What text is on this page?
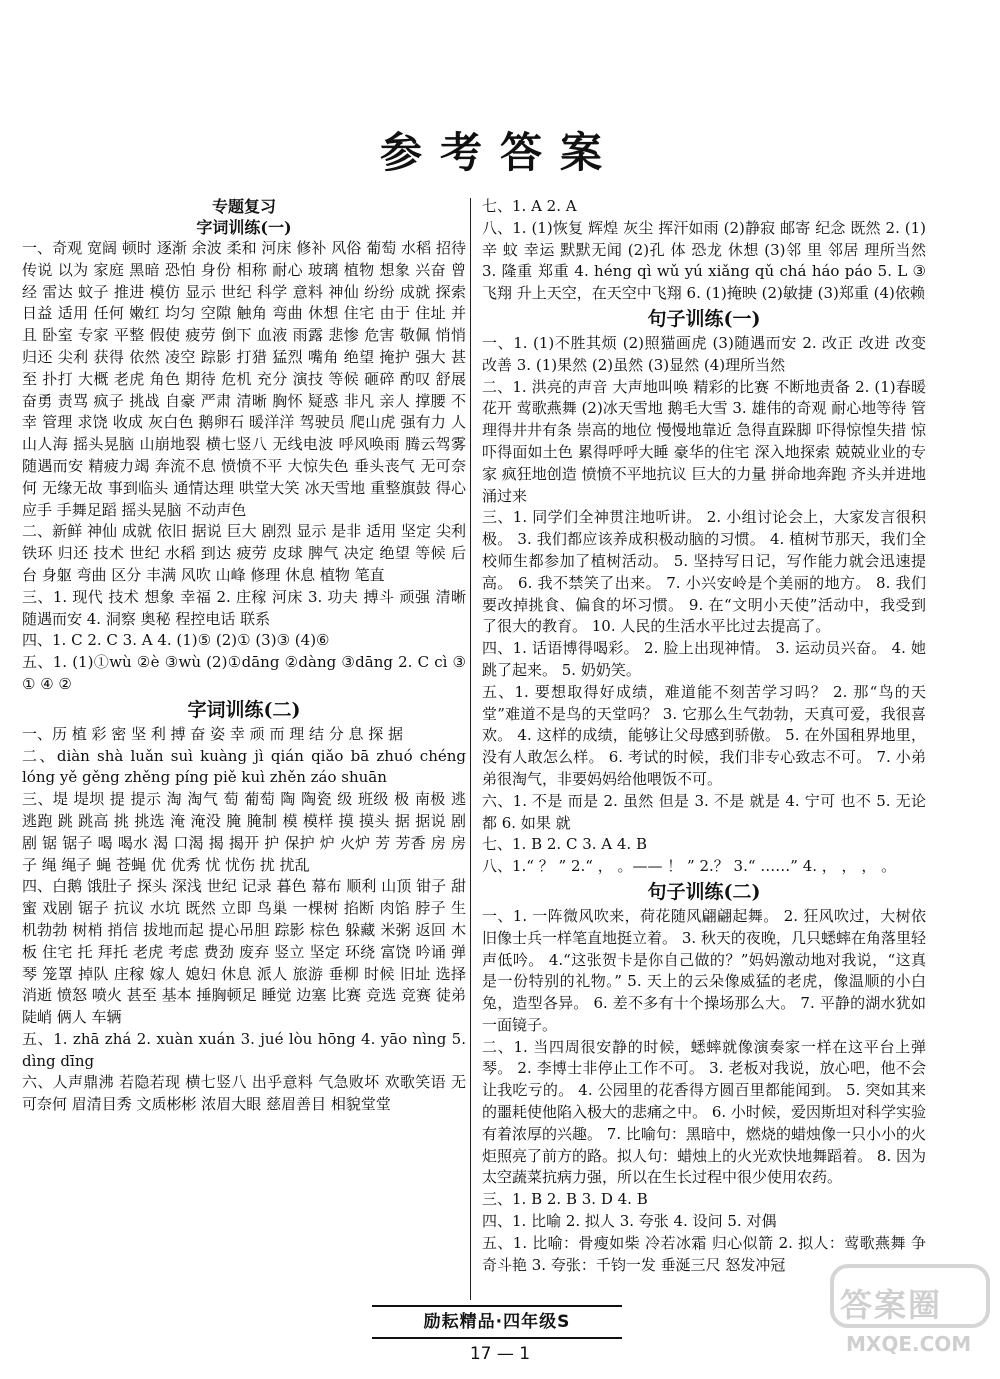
参考答案
专题复习
字词训练(一)

一、奇观 宽阔 顿时 逐渐 余波 柔和 河床 修补 风俗 葡萄 水稻 招待 传说 以为 家庭 黑暗 恐怕 身份 相称 耐心 玻璃 植物 想象 兴奋 曾经 雷达 蚊子 推进 模仿 显示 世纪 科学 意料 神仙 纷纷 成就 探索 日益 适用 任何 嫩红 均匀 空隙 触角 弯曲 休想 住宅 由于 住址 并且 卧室 专家 平整 假使 疲劳 倒下 血液 雨露 悲惨 危害 敬佩 悄悄 归还 尖利 获得 依然 凌空 踪影 打猎 猛烈 嘴角 绝望 掩护 强大 甚至 扑打 大概 老虎 角色 期待 危机 充分 演技 等候 砸碎 酌叹 舒展 奋勇 责骂 疯子 挑战 自豪 严肃 清晰 胸怀 疑惑 非凡 亲人 撑腰 不幸 管理 求饶 收成 灰白色 鹅卵石 暖洋洋 驾驶员 爬山虎 强有力 人山人海 摇头晃脑 山崩地裂 横七竖八 无线电波 呼风唤雨 腾云驾雾 随遇而安 精疲力竭 奔流不息 愤愤不平 大惊失色 垂头丧气 无可奈何 无缘无故 事到临头 通情达理 哄堂大笑 冰天雪地 重整旗鼓 得心应手 手舞足蹈 摇头晃脑 不动声色

二、新鲜 神仙 成就 依旧 据说 巨大 剧烈 显示 是非 适用 坚定 尖利 铁环 归还 技术 世纪 水稻 到达 疲劳 皮球 脾气 决定 绝望 等候 后台 身躯 弯曲 区分 丰满 风吹 山峰 修理 休息 植物 笔直

三、1. 现代 技术 想象 幸福 2. 庄稼 河床 3. 功夫 搏斗 顽强 清晰 随遇而安 4. 洞察 奥秘 程控电话 联系

四、1. C 2. C 3. A 4. (1)⑤ (2)① (3)③ (4)⑥

五、1. (1)①wù ②è ③wù (2)①dāng ②dàng ③dāng 2. C cì ③ ① ④ ②

字词训练(二)

一、历 植 彩 密 坚 利 搏 奋 姿 幸 顽 而 理 结 分 息 探 据

二、diàn shà luǎn suì kuàng jì qián qiǎo bā zhuó chéng lóng yě gěng zhěng píng piě kuì zhěn záo shuān

三、堤 堤坝 提 提示 淘 淘气 萄 葡萄 陶 陶瓷 级 班级 极 南极 逃 逃跑 跳 跳高 挑 挑选 淹 淹没 腌 腌制 模 模样 摸 摸头 据 据说 剧 剧 锯 锯子 喝 喝水 渴 口渴 揭 揭开 护 保护 炉 火炉 芳 芳香 房 房子 绳 绳子 蝇 苍蝇 优 优秀 忧 忧伤 扰 扰乱

四、白鹅 饿肚子 探头 深浅 世纪 记录 暮色 幕布 顺利 山顶 钳子 甜蜜 戏剧 锯子 抗议 水坑 既然 立即 鸟巢 一棵树 掐断 肉馅 脖子 生机勃勃 树梢 捎信 拔地而起 提心吊胆 踪影 棕色 躲藏 米粥 返回 木板 住宅 托 拜托 老虎 考虑 费劲 废弃 竖立 坚定 环绕 富饶 吟诵 弹琴 笼罩 掉队 庄稼 嫁人 媳妇 休息 派人 旅游 垂柳 时候 旧址 选择 消逝 愤怒 喷火 甚至 基本 捶胸顿足 睡觉 边塞 比赛 竞选 竞赛 徒弟 陡峭 俩人 车辆

五、1. zhā zhá 2. xuàn xuán 3. jué lòu hōng 4. yāo nìng 5. dìng dīng

六、人声鼎沸 若隐若现 横七竖八 出乎意料 气急败坏 欢歌笑语 无可奈何 眉清目秀 文质彬彬 浓眉大眼 慈眉善目 相貌堂堂

七、1. A 2. A

八、1. (1)恢复 辉煌 灰尘 挥汗如雨 (2)静寂 邮寄 纪念 既然 2. (1)辛 蚊 幸运 默默无闻 (2)孔 体 恐龙 休想 (3)邻 里 邻居 理所当然 3. 隆重 郑重 4. héng qì wǔ yú xiǎng qǔ chá háo páo 5. L ③ 飞翔 升上天空，在天空中飞翔 6. (1)掩映 (2)敏捷 (3)郑重 (4)依赖

句子训练(一)

一、1. (1)不胜其烦 (2)照猫画虎 (3)随遇而安 2. 改正 改进 改变 改善 3. (1)果然 (2)虽然 (3)显然 (4)理所当然

二、1. 洪亮的声音 大声地叫唤 精彩的比赛 不断地责备 2. (1)春暖花开 莺歌燕舞 (2)冰天雪地 鹅毛大雪 3. 雄伟的奇观 耐心地等待 管理得井井有条 崇高的地位 慢慢地靠近 急得直跺脚 吓得惊惶失措 惊吓得面如土色 累得呼呼大睡 豪华的住宅 深入地探索 兢兢业业的专家 疯狂地创造 愤愤不平地抗议 巨大的力量 拼命地奔跑 齐头并进地涌过来

三、1. 同学们全神贯注地听讲。 2. 小组讨论会上，大家发言很积极。 3. 我们都应该养成积极动脑的习惯。 4. 植树节那天，我们全校师生都参加了植树活动。 5. 坚持写日记，写作能力就会迅速提高。 6. 我不禁笑了出来。 7. 小兴安岭是个美丽的地方。 8. 我们要改掉挑食、偏食的坏习惯。 9. 在“文明小天使”活动中，我受到了很大的教育。 10. 人民的生活水平比过去提高了。

四、1. 话语博得喝彩。 2. 脸上出现神情。 3. 运动员兴奋。 4. 她跳了起来。 5. 奶奶笑。

五、1. 要想取得好成绩，难道能不刻苦学习吗？ 2. 那“鸟的天堂”难道不是鸟的天堂吗？ 3. 它那么生气勃勃，天真可爱，我很喜欢。 4. 这样的成绩，能够让父母感到骄傲。 5. 在外国租界地里，没有人敢怎么样。 6. 考试的时候，我们非专心致志不可。 7. 小弟弟很淘气，非要妈妈给他喂饭不可。

六、1. 不是 而是 2. 虽然 但是 3. 不是 就是 4. 宁可 也不 5. 无论 都 6. 如果 就

七、1. B 2. C 3. A 4. B

八、1.“ ？ ” 2.“ ， 。—— ！ ” 2.？ 3.“ ……” 4. ， ， ， 。

句子训练(二)

一、1. 一阵微风吹来，荷花随风翩翩起舞。 2. 狂风吹过，大树依旧像士兵一样笔直地挺立着。 3. 秋天的夜晚，几只蟋蟀在角落里轻声低吟。 4.“这张贺卡是你自己做的？”妈妈激动地对我说，“这真是一份特别的礼物。” 5. 天上的云朵像威猛的老虎，像温顺的小白兔，造型各异。 6. 差不多有十个操场那么大。 7. 平静的湖水犹如一面镜子。

二、1. 当四周很安静的时候，蟋蟀就像演奏家一样在这平台上弹琴。 2. 李博士非停止工作不可。 3. 老板对我说，放心吧，他不会让我吃亏的。 4. 公园里的花香得方圆百里都能闻到。 5. 突如其来的噩耗使他陷入极大的悲痛之中。 6. 小时候，爱因斯坦对科学实验有着浓厚的兴趣。 7. 比喻句：黑暗中，燃烧的蜡烛像一只小小的火炬照亮了前方的路。拟人句：蜡烛上的火光欢快地舞蹈着。 8. 因为太空蔬菜抗病力强，所以在生长过程中很少使用农药。

三、1. B 2. B 3. D 4. B

四、1. 比喻 2. 拟人 3. 夸张 4. 设问 5. 对偶

五、1. 比喻：骨瘦如柴 冷若冰霜 归心似箭 2. 拟人：莺歌燕舞 争奇斗艳 3. 夸张：千钧一发 垂涎三尺 怒发冲冠

励耘精品·四年级S
17 — 1
答案圈
MXQE.COM
